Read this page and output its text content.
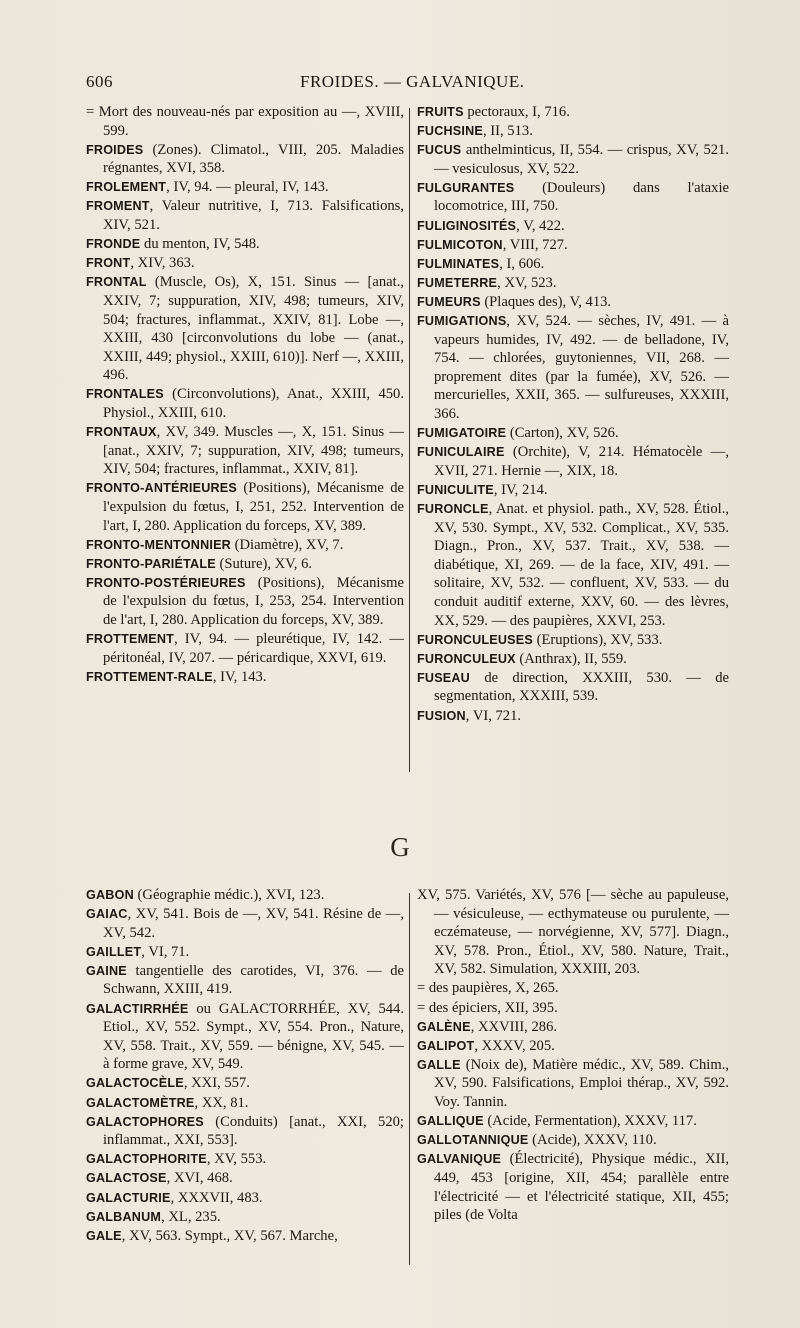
606	FROIDES. — GALVANIQUE.

= Mort des nouveau-nés par exposition au —, XVIII, 599.

FROIDES (Zones). Climatol., VIII, 205. Maladies régnantes, XVI, 358.

FROLEMENT, IV, 94. — pleural, IV, 143.

FROMENT, Valeur nutritive, I, 713. Falsifications, XIV, 521.

FRONDE du menton, IV, 548.

FRONT, XIV, 363.

FRONTAL (Muscle, Os), X, 151. Sinus — [anat., XXIV, 7; suppuration, XIV, 498; tumeurs, XIV, 504; fractures, inflammat., XXIV, 81]. Lobe —, XXIII, 430 [circonvolutions du lobe — (anat., XXIII, 449; physiol., XXIII, 610)]. Nerf —, XXIII, 496.

FRONTALES (Circonvolutions), Anat., XXIII, 450. Physiol., XXIII, 610.

FRONTAUX, XV, 349. Muscles —, X, 151. Sinus — [anat., XXIV, 7; suppuration, XIV, 498; tumeurs, XIV, 504; fractures, inflammat., XXIV, 81].

FRONTO-ANTÉRIEURES (Positions), Mécanisme de l'expulsion du fœtus, I, 251, 252. Intervention de l'art, I, 280. Application du forceps, XV, 389.

FRONTO-MENTONNIER (Diamètre), XV, 7.

FRONTO-PARIÉTALE (Suture), XV, 6.

FRONTO-POSTÉRIEURES (Positions), Mécanisme de l'expulsion du fœtus, I, 253, 254. Intervention de l'art, I, 280. Application du forceps, XV, 389.

FROTTEMENT, IV, 94. — pleurétique, IV, 142. — péritonéal, IV, 207. — péricardique, XXVI, 619.

FROTTEMENT-RALE, IV, 143.

FRUITS pectoraux, I, 716.

FUCHSINE, II, 513.

FUCUS anthelminticus, II, 554. — crispus, XV, 521. — vesiculosus, XV, 522.

FULGURANTES (Douleurs) dans l'ataxie locomotrice, III, 750.

FULIGINOSITÉS, V, 422.

FULMICOTON, VIII, 727.

FULMINATES, I, 606.

FUMETERRE, XV, 523.

FUMEURS (Plaques des), V, 413.

FUMIGATIONS, XV, 524. — sèches, IV, 491. — à vapeurs humides, IV, 492. — de belladone, IV, 754. — chlorées, guytoniennes, VII, 268. — proprement dites (par la fumée), XV, 526. — mercurielles, XXII, 365. — sulfureuses, XXXIII, 366.

FUMIGATOIRE (Carton), XV, 526.

FUNICULAIRE (Orchite), V, 214. Hématocèle —, XVII, 271. Hernie —, XIX, 18.

FUNICULITE, IV, 214.

FURONCLE, Anat. et physiol. path., XV, 528. Étiol., XV, 530. Sympt., XV, 532. Complicat., XV, 535. Diagn., Pron., XV, 537. Trait., XV, 538. — diabétique, XI, 269. — de la face, XIV, 491. — solitaire, XV, 532. — confluent, XV, 533. — du conduit auditif externe, XXV, 60. — des lèvres, XX, 529. — des paupières, XXVI, 253.

FURONCULEUSES (Eruptions), XV, 533.

FURONCULEUX (Anthrax), II, 559.

FUSEAU de direction, XXXIII, 530. — de segmentation, XXXIII, 539.

FUSION, VI, 721.

G

GABON (Géographie médic.), XVI, 123.

GAIAC, XV, 541. Bois de —, XV, 541. Résine de —, XV, 542.

GAILLET, VI, 71.

GAINE tangentielle des carotides, VI, 376. — de Schwann, XXIII, 419.

GALACTIRRHÉE ou GALACTORRHÉE, XV, 544. Etiol., XV, 552. Sympt., XV, 554. Pron., Nature, XV, 558. Trait., XV, 559. — bénigne, XV, 545. — à forme grave, XV, 549.

GALACTOCÈLE, XXI, 557.

GALACTOMÈTRE, XX, 81.

GALACTOPHORES (Conduits) [anat., XXI, 520; inflammat., XXI, 553].

GALACTOPHORITE, XV, 553.

GALACTOSE, XVI, 468.

GALACTURIE, XXXVII, 483.

GALBANUM, XL, 235.

GALE, XV, 563. Sympt., XV, 567. Marche,

XV, 575. Variétés, XV, 576 [— sèche au papuleuse, — vésiculeuse, — ecthymateuse ou purulente, — eczémateuse, — norvégienne, XV, 577]. Diagn., XV, 578. Pron., Étiol., XV, 580. Nature, Trait., XV, 582. Simulation, XXXIII, 203.

= des paupières, X, 265.

= des épiciers, XII, 395.

GALÈNE, XXVIII, 286.

GALIPOT, XXXV, 205.

GALLE (Noix de), Matière médic., XV, 589. Chim., XV, 590. Falsifications, Emploi thérap., XV, 592. Voy. Tannin.

GALLIQUE (Acide, Fermentation), XXXV, 117.

GALLOTANNIQUE (Acide), XXXV, 110.

GALVANIQUE (Électricité), Physique médic., XII, 449, 453 [origine, XII, 454; parallèle entre l'électricité — et l'électricité statique, XII, 455; piles (de Volta
